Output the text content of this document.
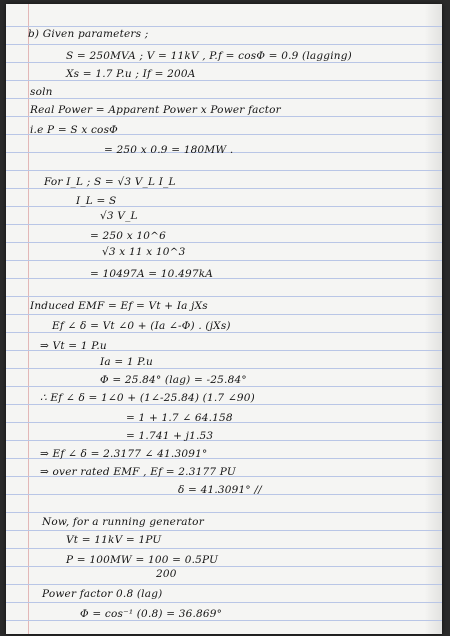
b) Given parameters ;
S = 250MVA ; V = 11kV , P.f = cosΦ = 0.9 (lagging)
Xs = 1.7 P.u ; If = 200A
soln
Real Power = Apparent Power x Power factor
i.e P = S x cosΦ
= 250 x 0.9 = 180MW .
For I_L ; S = √3 V_L I_L
I_L = S
√3 V_L
= 250 x 10^6
√3 x 11 x 10^3
= 10497A = 10.497kA
Induced EMF = Ef = Vt + Ia jXs
Ef ∠ δ = Vt ∠0 + (Ia ∠-Φ) . (jXs)
⇒ Vt = 1 P.u
Ia = 1 P.u
Φ = 25.84° (lag) = -25.84°
∴ Ef ∠ δ = 1∠0 + (1∠-25.84) (1.7 ∠90)
= 1 + 1.7 ∠ 64.158
= 1.741 + j1.53
⇒ Ef ∠ δ = 2.3177 ∠ 41.3091°
⇒ over rated EMF , Ef = 2.3177 PU
δ = 41.3091° //
Now, for a running generator
Vt = 11kV = 1PU
P = 100MW = 100 = 0.5PU
200
Power factor 0.8 (lag)
Φ = cos⁻¹ (0.8) = 36.869°
